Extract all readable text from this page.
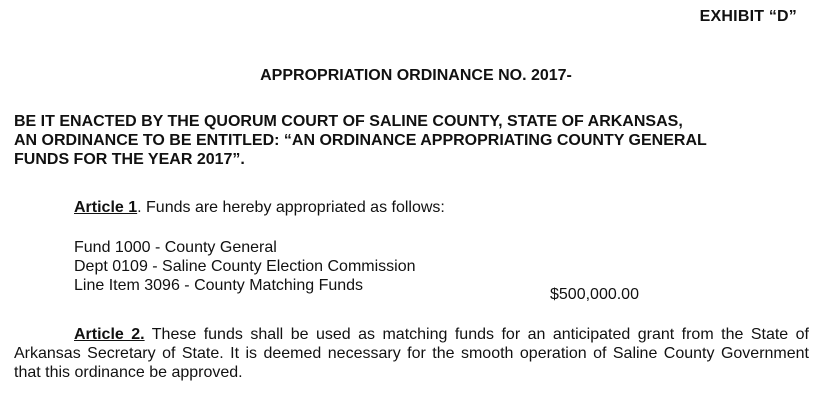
EXHIBIT “D”
APPROPRIATION ORDINANCE NO. 2017-
BE IT ENACTED BY THE QUORUM COURT OF SALINE COUNTY, STATE OF ARKANSAS,
AN ORDINANCE TO BE ENTITLED: “AN ORDINANCE APPROPRIATING COUNTY GENERAL
FUNDS FOR THE YEAR 2017”.
Article 1. Funds are hereby appropriated as follows:
Fund 1000 - County General
Dept 0109 - Saline County Election Commission
Line Item 3096 - County Matching Funds
$500,000.00
Article 2. These funds shall be used as matching funds for an anticipated grant from the State of Arkansas Secretary of State. It is deemed necessary for the smooth operation of Saline County Government that this ordinance be approved.
